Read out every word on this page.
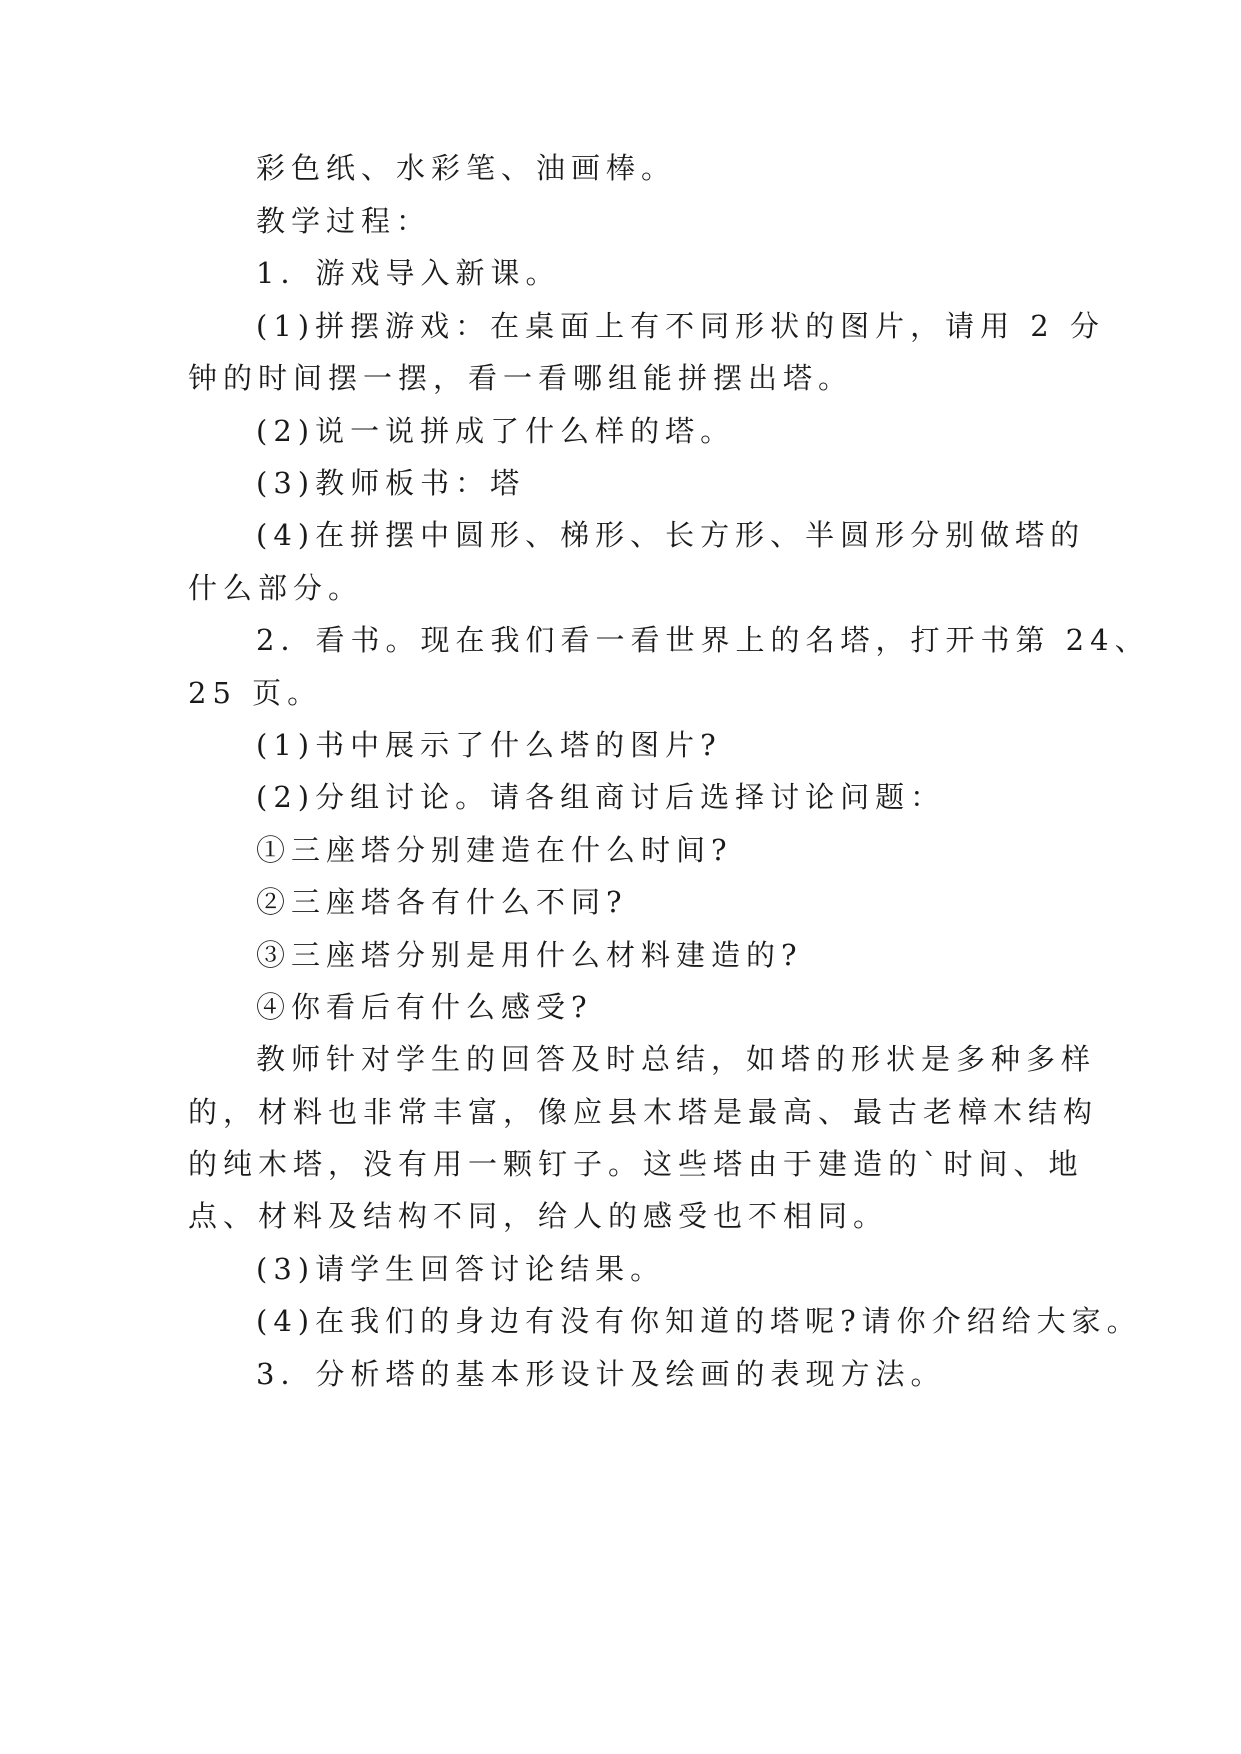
彩色纸、水彩笔、油画棒。
教学过程：
1．游戏导入新课。
(1)拼摆游戏：在桌面上有不同形状的图片，请用 2 分
钟的时间摆一摆，看一看哪组能拼摆出塔。
(2)说一说拼成了什么样的塔。
(3)教师板书：塔
(4)在拼摆中圆形、梯形、长方形、半圆形分别做塔的
什么部分。
2．看书。现在我们看一看世界上的名塔，打开书第 24、
25 页。
(1)书中展示了什么塔的图片?
(2)分组讨论。请各组商讨后选择讨论问题：
①三座塔分别建造在什么时间?
②三座塔各有什么不同?
③三座塔分别是用什么材料建造的?
④你看后有什么感受?
教师针对学生的回答及时总结，如塔的形状是多种多样
的，材料也非常丰富，像应县木塔是最高、最古老樟木结构
的纯木塔，没有用一颗钉子。这些塔由于建造的`时间、地
点、材料及结构不同，给人的感受也不相同。
(3)请学生回答讨论结果。
(4)在我们的身边有没有你知道的塔呢?请你介绍给大家。
3．分析塔的基本形设计及绘画的表现方法。
